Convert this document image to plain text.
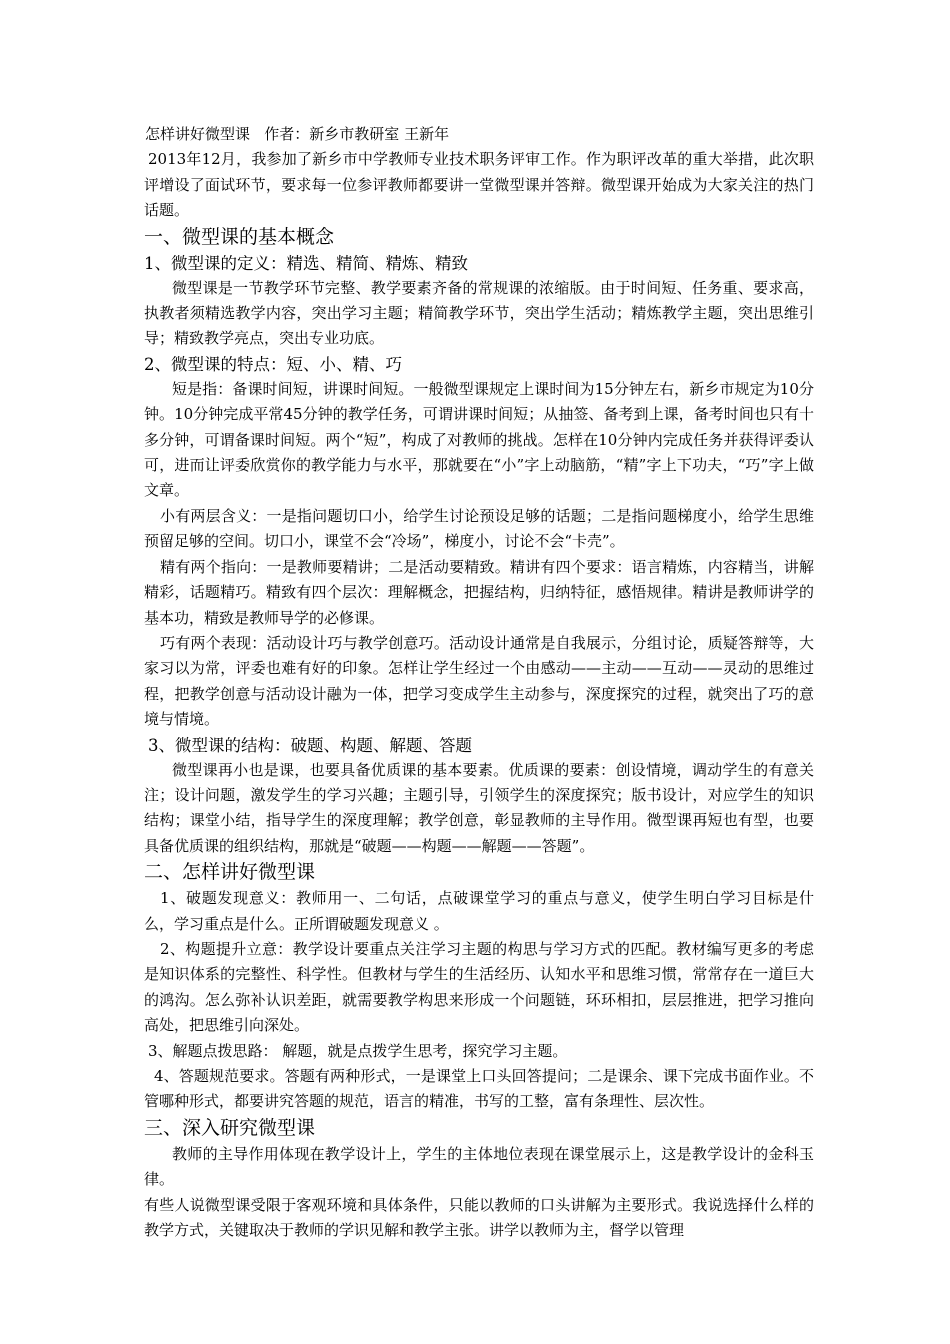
怎样讲好微型课   作者：新乡市教研室 王新年

2013年12月，我参加了新乡市中学教师专业技术职务评审工作。作为职评改革的重大举措，此次职评增设了面试环节，要求每一位参评教师都要讲一堂微型课并答辩。微型课开始成为大家关注的热门话题。

一、微型课的基本概念

1、微型课的定义：精选、精简、精炼、精致

微型课是一节教学环节完整、教学要素齐备的常规课的浓缩版。由于时间短、任务重、要求高，执教者须精选教学内容，突出学习主题；精简教学环节，突出学生活动；精炼教学主题，突出思维引导；精致教学亮点，突出专业功底。

2、微型课的特点：短、小、精、巧

短是指：备课时间短，讲课时间短。一般微型课规定上课时间为15分钟左右，新乡市规定为10分钟。10分钟完成平常45分钟的教学任务，可谓讲课时间短；从抽签、备考到上课，备考时间也只有十多分钟，可谓备课时间短。两个“短”，构成了对教师的挑战。怎样在10分钟内完成任务并获得评委认可，进而让评委欣赏你的教学能力与水平，那就要在“小”字上动脑筋，“精”字上下功夫，“巧”字上做文章。

小有两层含义：一是指问题切口小，给学生讨论预设足够的话题；二是指问题梯度小，给学生思维预留足够的空间。切口小，课堂不会“冷场”，梯度小，讨论不会“卡壳”。

精有两个指向：一是教师要精讲；二是活动要精致。精讲有四个要求：语言精炼，内容精当，讲解精彩，话题精巧。精致有四个层次：理解概念，把握结构，归纳特征，感悟规律。精讲是教师讲学的基本功，精致是教师导学的必修课。

巧有两个表现：活动设计巧与教学创意巧。活动设计通常是自我展示，分组讨论，质疑答辩等，大家习以为常，评委也难有好的印象。怎样让学生经过一个由感动——主动——互动——灵动的思维过程，把教学创意与活动设计融为一体，把学习变成学生主动参与，深度探究的过程，就突出了巧的意境与情境。

3、微型课的结构：破题、构题、解题、答题

微型课再小也是课，也要具备优质课的基本要素。优质课的要素：创设情境，调动学生的有意关注；设计问题，激发学生的学习兴趣；主题引导，引领学生的深度探究；版书设计，对应学生的知识结构；课堂小结，指导学生的深度理解；教学创意，彰显教师的主导作用。微型课再短也有型，也要具备优质课的组织结构，那就是“破题——构题——解题——答题”。

二、怎样讲好微型课

1、破题发现意义：教师用一、二句话，点破课堂学习的重点与意义，使学生明白学习目标是什么，学习重点是什么。正所谓破题发现意义 。

2、构题提升立意：教学设计要重点关注学习主题的构思与学习方式的匹配。教材编写更多的考虑是知识体系的完整性、科学性。但教材与学生的生活经历、认知水平和思维习惯，常常存在一道巨大的鸿沟。怎么弥补认识差距，就需要教学构思来形成一个问题链，环环相扣，层层推进，把学习推向高处，把思维引向深处。

3、解题点拨思路： 解题，就是点拨学生思考，探究学习主题。

4、答题规范要求。答题有两种形式，一是课堂上口头回答提问；二是课余、课下完成书面作业。不管哪种形式，都要讲究答题的规范，语言的精准，书写的工整，富有条理性、层次性。

三、深入研究微型课

教师的主导作用体现在教学设计上，学生的主体地位表现在课堂展示上，这是教学设计的金科玉律。

有些人说微型课受限于客观环境和具体条件，只能以教师的口头讲解为主要形式。我说选择什么样的教学方式，关键取决于教师的学识见解和教学主张。讲学以教师为主，督学以管理
